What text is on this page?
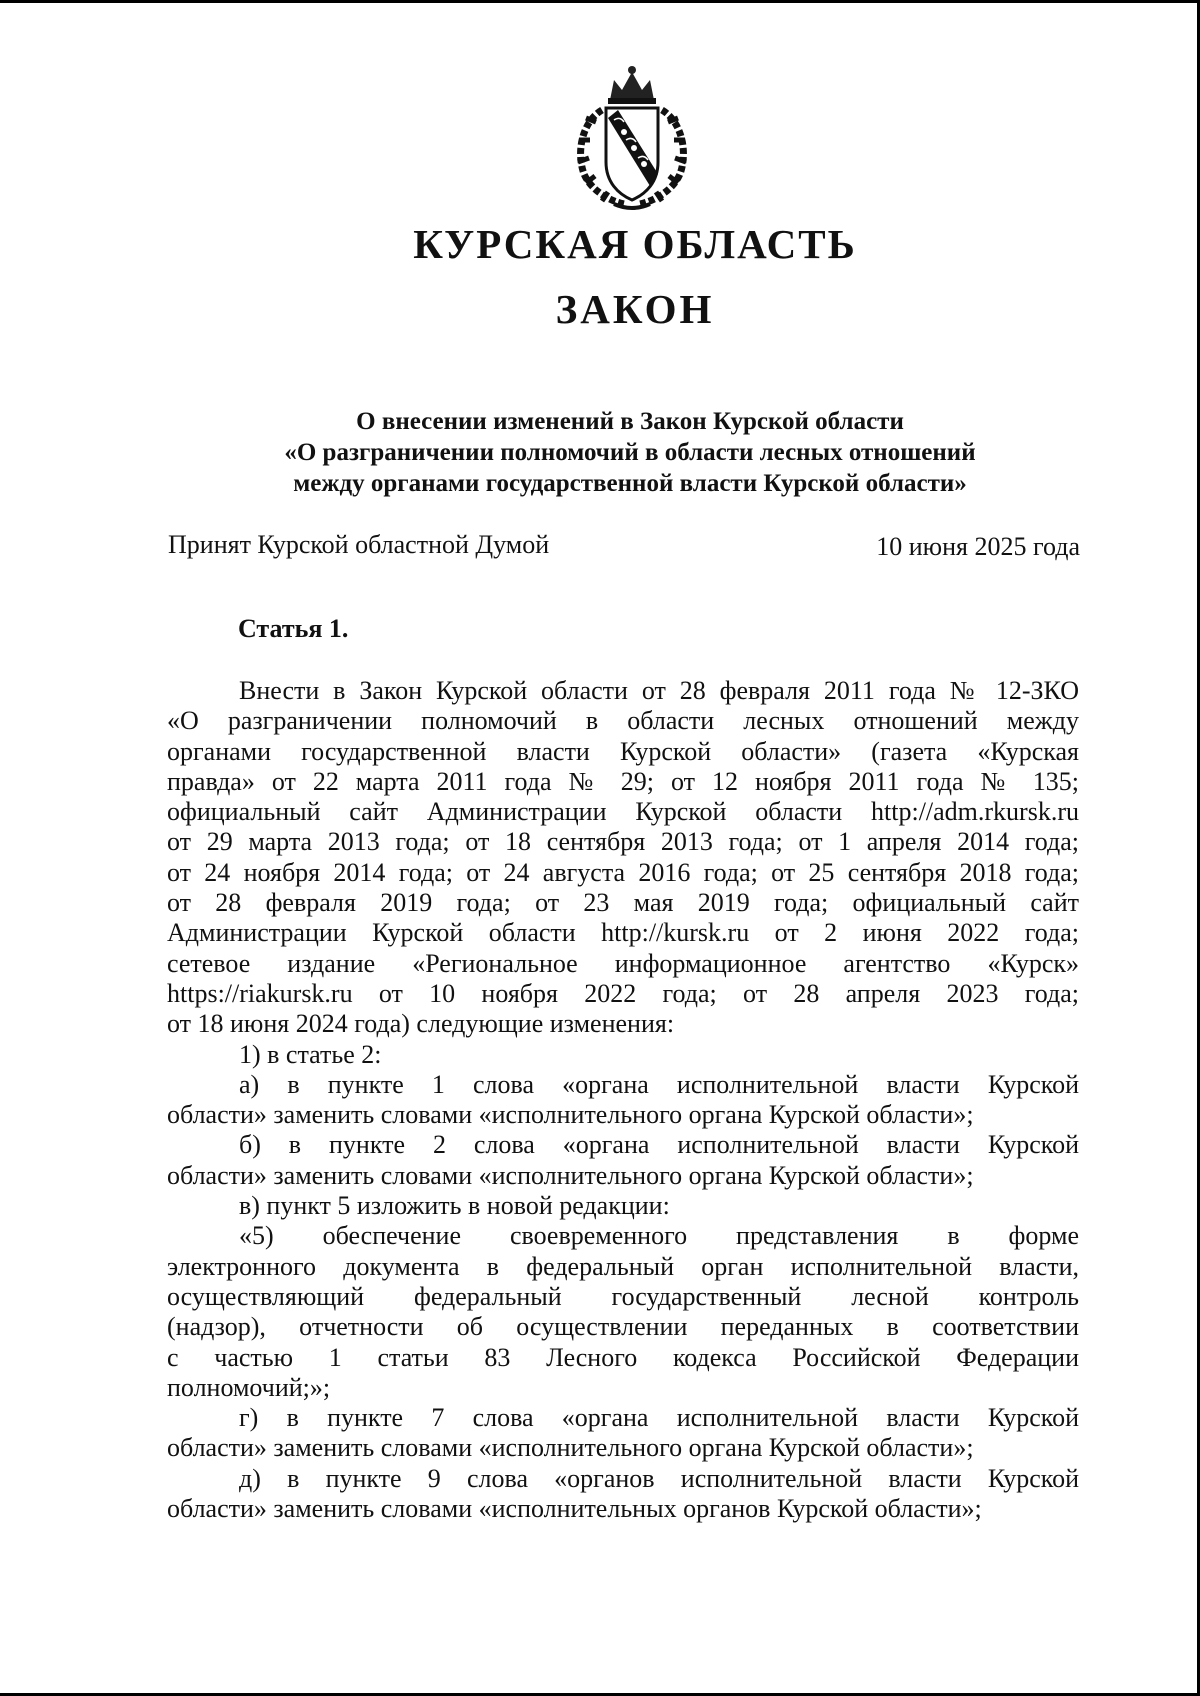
КУРСКАЯ ОБЛАСТЬ
ЗАКОН
О внесении изменений в Закон Курской области
«О разграничении полномочий в области лесных отношений
между органами государственной власти Курской области»
Принят Курской областной Думой	10 июня 2025 года
Статья 1.
Внести в Закон Курской области от 28 февраля 2011 года № 12-ЗКО
«О разграничении полномочий в области лесных отношений между
органами государственной власти Курской области» (газета «Курская
правда» от 22 марта 2011 года № 29; от 12 ноября 2011 года № 135;
официальный сайт Администрации Курской области http://adm.rkursk.ru
от 29 марта 2013 года; от 18 сентября 2013 года; от 1 апреля 2014 года;
от 24 ноября 2014 года; от 24 августа 2016 года; от 25 сентября 2018 года;
от 28 февраля 2019 года; от 23 мая 2019 года; официальный сайт
Администрации Курской области http://kursk.ru от 2 июня 2022 года;
сетевое издание «Региональное информационное агентство «Курск»
https://riakursk.ru от 10 ноября 2022 года; от 28 апреля 2023 года;
от 18 июня 2024 года) следующие изменения:
1) в статье 2:
а) в пункте 1 слова «органа исполнительной власти Курской
области» заменить словами «исполнительного органа Курской области»;
б) в пункте 2 слова «органа исполнительной власти Курской
области» заменить словами «исполнительного органа Курской области»;
в) пункт 5 изложить в новой редакции:
«5) обеспечение своевременного представления в форме
электронного документа в федеральный орган исполнительной власти,
осуществляющий федеральный государственный лесной контроль
(надзор), отчетности об осуществлении переданных в соответствии
с частью 1 статьи 83 Лесного кодекса Российской Федерации
полномочий;»;
г) в пункте 7 слова «органа исполнительной власти Курской
области» заменить словами «исполнительного органа Курской области»;
д) в пункте 9 слова «органов исполнительной власти Курской
области» заменить словами «исполнительных органов Курской области»;
